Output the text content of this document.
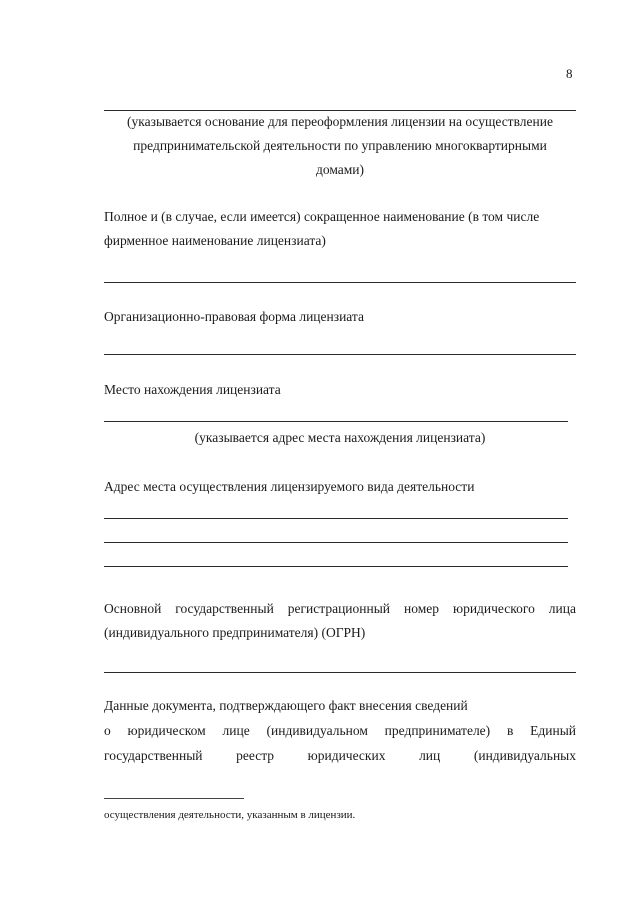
8
(указывается основание для переоформления лицензии на осуществление
предпринимательской деятельности по управлению многоквартирными
домами)
Полное и (в случае, если имеется) сокращенное наименование (в том числе
фирменное наименование лицензиата)
Организационно-правовая форма лицензиата
Место нахождения лицензиата
(указывается адрес места нахождения лицензиата)
Адрес места осуществления лицензируемого вида деятельности
Основной государственный регистрационный номер юридического лица
(индивидуального предпринимателя) (ОГРН)
Данные документа, подтверждающего факт внесения сведений
о юридическом лице (индивидуальном предпринимателе) в Единый
государственный реестр юридических лиц (индивидуальных
осуществления деятельности, указанным в лицензии.
